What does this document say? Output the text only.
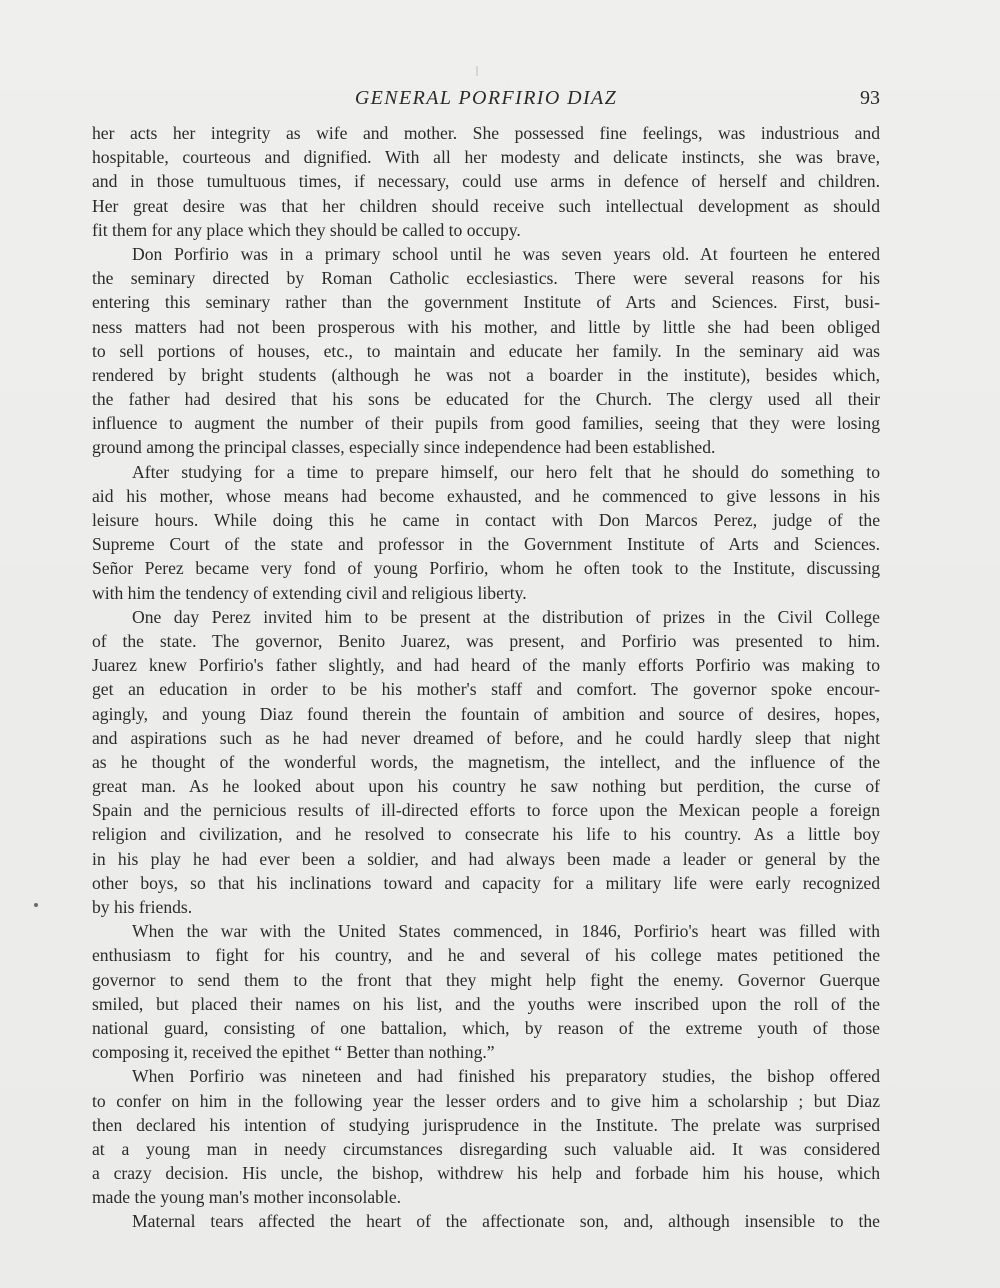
GENERAL PORFIRIO DIAZ	93
her acts her integrity as wife and mother. She possessed fine feelings, was industrious and
hospitable, courteous and dignified. With all her modesty and delicate instincts, she was brave,
and in those tumultuous times, if necessary, could use arms in defence of herself and children.
Her great desire was that her children should receive such intellectual development as should
fit them for any place which they should be called to occupy.
Don Porfirio was in a primary school until he was seven years old. At fourteen he entered
the seminary directed by Roman Catholic ecclesiastics. There were several reasons for his
entering this seminary rather than the government Institute of Arts and Sciences. First, busi-
ness matters had not been prosperous with his mother, and little by little she had been obliged
to sell portions of houses, etc., to maintain and educate her family. In the seminary aid was
rendered by bright students (although he was not a boarder in the institute), besides which,
the father had desired that his sons be educated for the Church. The clergy used all their
influence to augment the number of their pupils from good families, seeing that they were losing
ground among the principal classes, especially since independence had been established.
After studying for a time to prepare himself, our hero felt that he should do something to
aid his mother, whose means had become exhausted, and he commenced to give lessons in his
leisure hours. While doing this he came in contact with Don Marcos Perez, judge of the
Supreme Court of the state and professor in the Government Institute of Arts and Sciences.
Señor Perez became very fond of young Porfirio, whom he often took to the Institute, discussing
with him the tendency of extending civil and religious liberty.
One day Perez invited him to be present at the distribution of prizes in the Civil College
of the state. The governor, Benito Juarez, was present, and Porfirio was presented to him.
Juarez knew Porfirio's father slightly, and had heard of the manly efforts Porfirio was making to
get an education in order to be his mother's staff and comfort. The governor spoke encour-
agingly, and young Diaz found therein the fountain of ambition and source of desires, hopes,
and aspirations such as he had never dreamed of before, and he could hardly sleep that night
as he thought of the wonderful words, the magnetism, the intellect, and the influence of the
great man. As he looked about upon his country he saw nothing but perdition, the curse of
Spain and the pernicious results of ill-directed efforts to force upon the Mexican people a foreign
religion and civilization, and he resolved to consecrate his life to his country. As a little boy
in his play he had ever been a soldier, and had always been made a leader or general by the
other boys, so that his inclinations toward and capacity for a military life were early recognized
by his friends.
When the war with the United States commenced, in 1846, Porfirio's heart was filled with
enthusiasm to fight for his country, and he and several of his college mates petitioned the
governor to send them to the front that they might help fight the enemy. Governor Guerque
smiled, but placed their names on his list, and the youths were inscribed upon the roll of the
national guard, consisting of one battalion, which, by reason of the extreme youth of those
composing it, received the epithet “ Better than nothing.”
When Porfirio was nineteen and had finished his preparatory studies, the bishop offered
to confer on him in the following year the lesser orders and to give him a scholarship ; but Diaz
then declared his intention of studying jurisprudence in the Institute. The prelate was surprised
at a young man in needy circumstances disregarding such valuable aid. It was considered
a crazy decision. His uncle, the bishop, withdrew his help and forbade him his house, which
made the young man's mother inconsolable.
Maternal tears affected the heart of the affectionate son, and, although insensible to the
